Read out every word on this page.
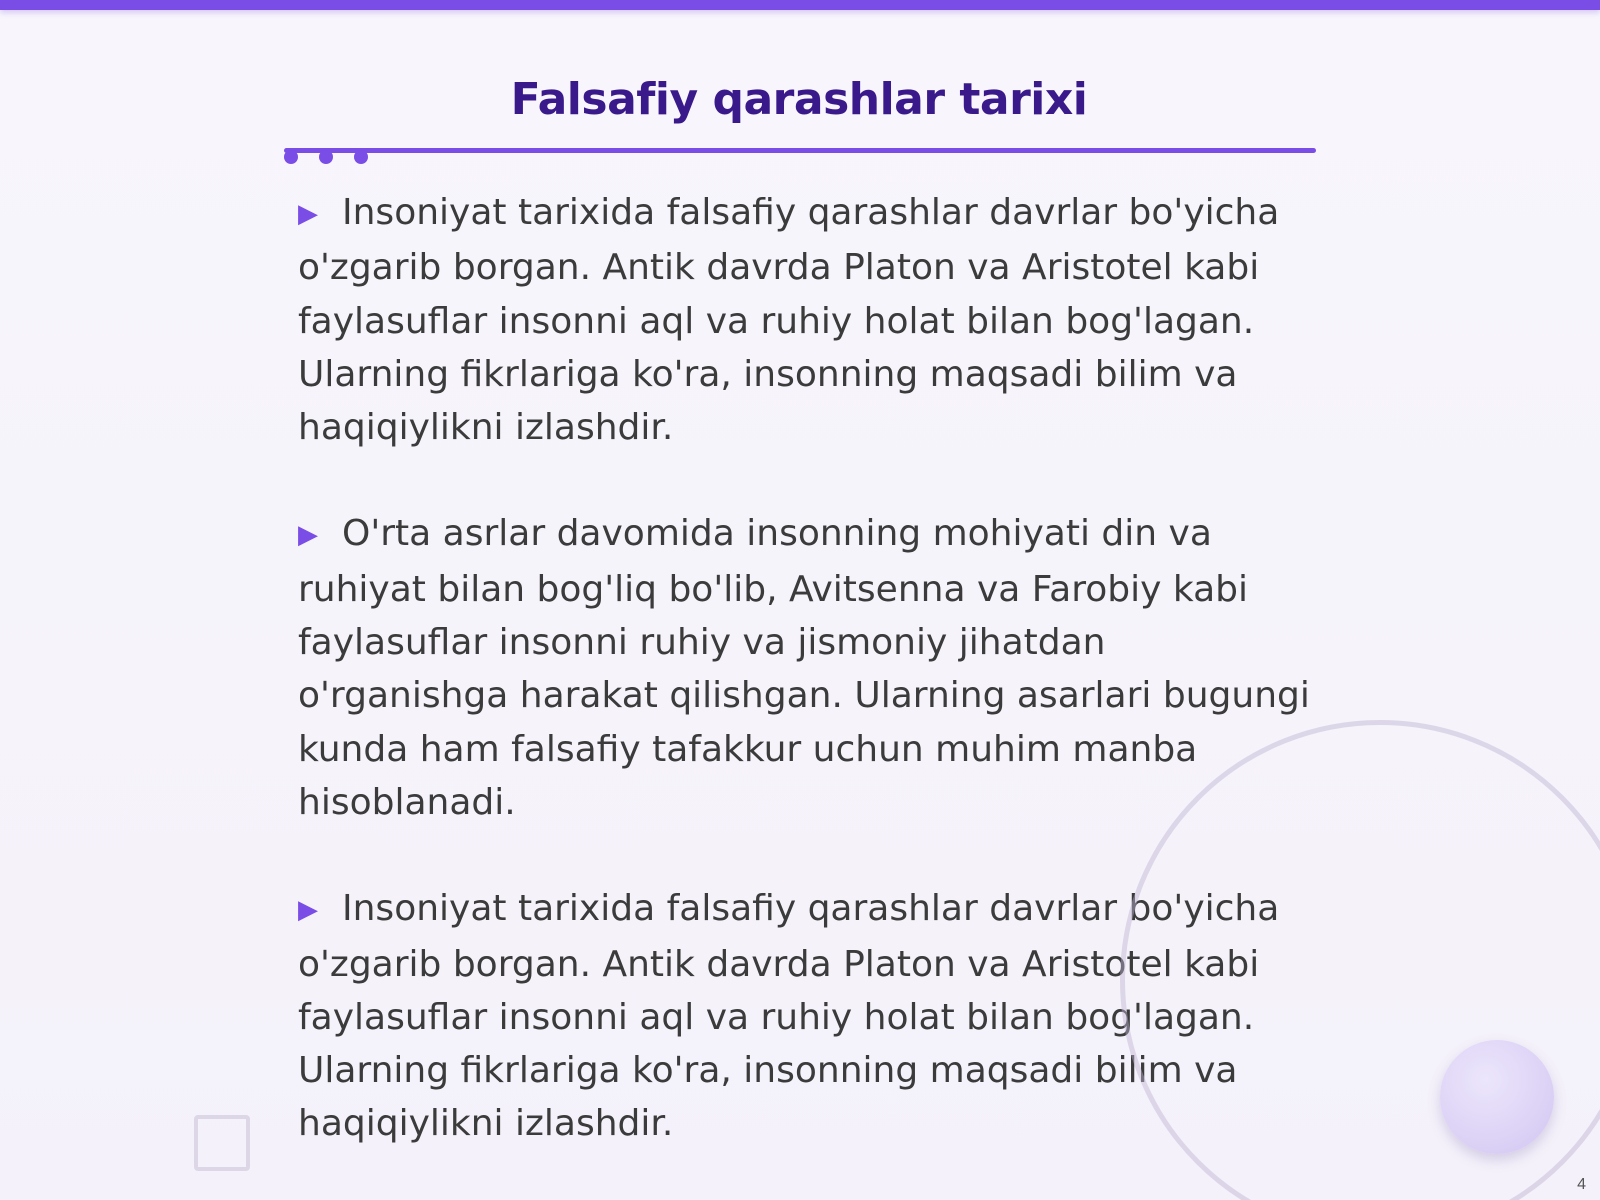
Falsafiy qarashlar tarixi

▶ Insoniyat tarixida falsafiy qarashlar davrlar bo'yicha o'zgarib borgan. Antik davrda Platon va Aristotel kabi faylasuflar insonni aql va ruhiy holat bilan bog'lagan. Ularning fikrlariga ko'ra, insonning maqsadi bilim va haqiqiylikni izlashdir.

▶ O'rta asrlar davomida insonning mohiyati din va ruhiyat bilan bog'liq bo'lib, Avitsenna va Farobiy kabi faylasuflar insonni ruhiy va jismoniy jihatdan o'rganishga harakat qilishgan. Ularning asarlari bugungi kunda ham falsafiy tafakkur uchun muhim manba hisoblanadi.

▶ Insoniyat tarixida falsafiy qarashlar davrlar bo'yicha o'zgarib borgan. Antik davrda Platon va Aristotel kabi faylasuflar insonni aql va ruhiy holat bilan bog'lagan. Ularning fikrlariga ko'ra, insonning maqsadi bilim va haqiqiylikni izlashdir.

4
